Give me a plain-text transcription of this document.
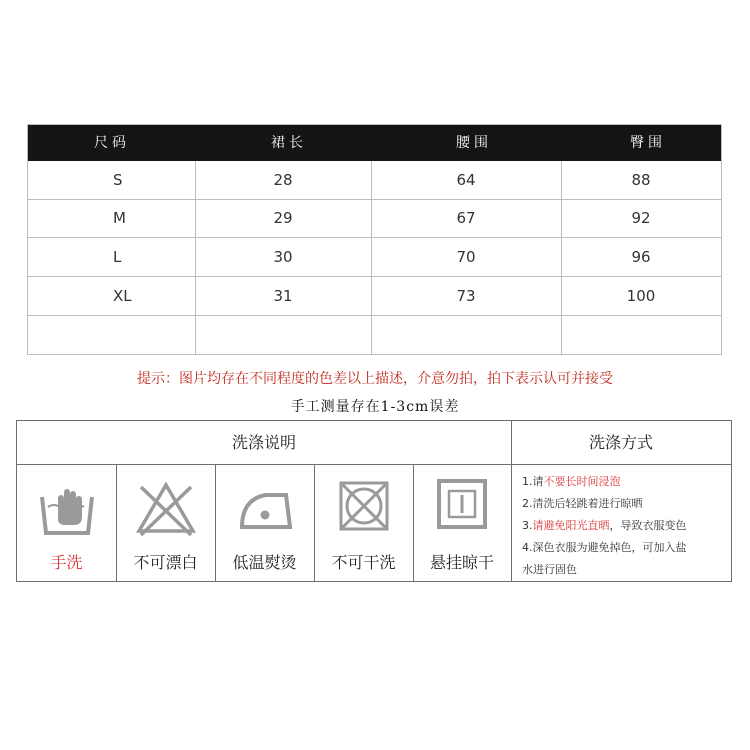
尺码	裙长	腰围	臀围
S	28	64	88
M	29	67	92
L	30	70	96
XL	31	73	100
提示：图片均存在不同程度的色差以上描述，介意勿拍，拍下表示认可并接受
手工测量存在1-3cm误差
洗涤说明	洗涤方式
手洗	不可漂白	低温熨烫	不可干洗	悬挂晾干
1.请不要长时间浸泡
2.清洗后轻跳着进行晾晒
3.请避免阳光直晒，导致衣服变色
4.深色衣服为避免掉色，可加入盐
水进行固色
